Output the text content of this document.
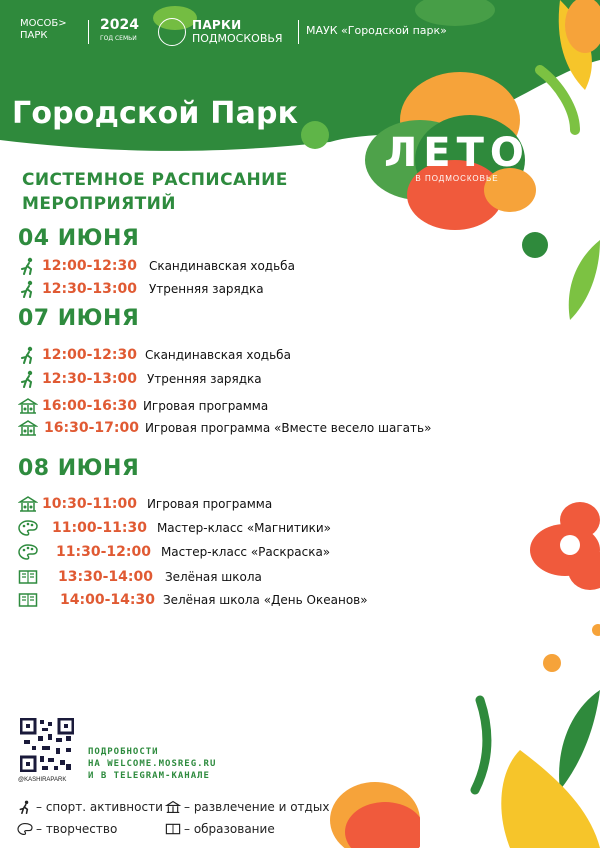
ЛЕТО
В ПОДМОСКОВЬЕ
МОСОБ> ПАРК
2024
ГОД СЕМЬИ
ПАРКИ
ПОДМОСКОВЬЯ
МАУК «Городской парк»
Городской Парк
СИСТЕМНОЕ РАСПИСАНИЕ
МЕРОПРИЯТИЙ
04 ИЮНЯ
07 ИЮНЯ
08 ИЮНЯ
12:00-12:30 Скандинавская ходьба
12:30-13:00 Утренняя зарядка
12:00-12:30 Скандинавская ходьба
12:30-13:00 Утренняя зарядка
16:00-16:30 Игровая программа
16:30-17:00 Игровая программа «Вместе весело шагать»
10:30-11:00 Игровая программа
11:00-11:30 Мастер-класс «Магнитики»
11:30-12:00 Мастер-класс «Раскраска»
13:30-14:00 Зелёная школа
14:00-14:30 Зелёная школа «День Океанов»
@KASHIRAPARK
ПОДРОБНОСТИ
НА WELCOME.MOSREG.RU
И В TELEGRAM-КАНАЛЕ
– спорт. активности – развлечение и отдых
– творчество	– образование
